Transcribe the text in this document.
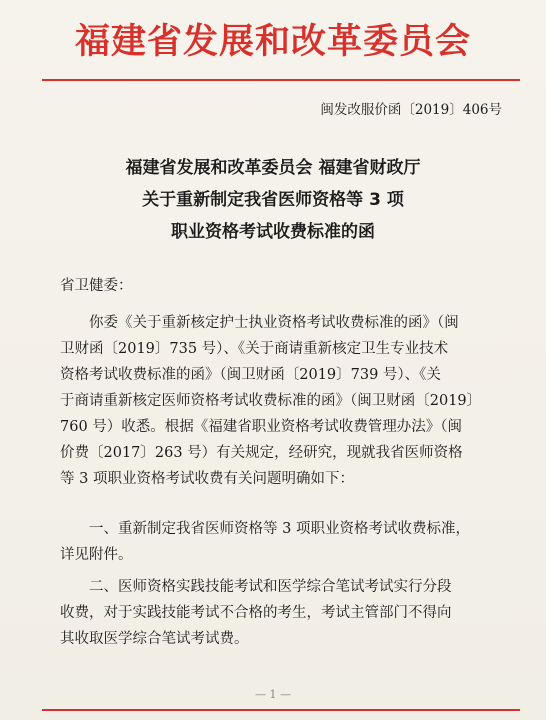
福建省发展和改革委员会
闽发改服价函〔2019〕406号
福建省发展和改革委员会 福建省财政厅
关于重新制定我省医师资格等 3 项
职业资格考试收费标准的函
省卫健委：
你委《关于重新核定护士执业资格考试收费标准的函》（闽
卫财函〔2019〕735 号）、《关于商请重新核定卫生专业技术
资格考试收费标准的函》（闽卫财函〔2019〕739 号）、《关
于商请重新核定医师资格考试收费标准的函》（闽卫财函〔2019〕
760 号）收悉。根据《福建省职业资格考试收费管理办法》（闽
价费〔2017〕263 号）有关规定，经研究，现就我省医师资格
等 3 项职业资格考试收费有关问题明确如下：
一、重新制定我省医师资格等 3 项职业资格考试收费标准，
详见附件。
二、医师资格实践技能考试和医学综合笔试考试实行分段
收费，对于实践技能考试不合格的考生，考试主管部门不得向
其收取医学综合笔试考试费。
— 1 —
